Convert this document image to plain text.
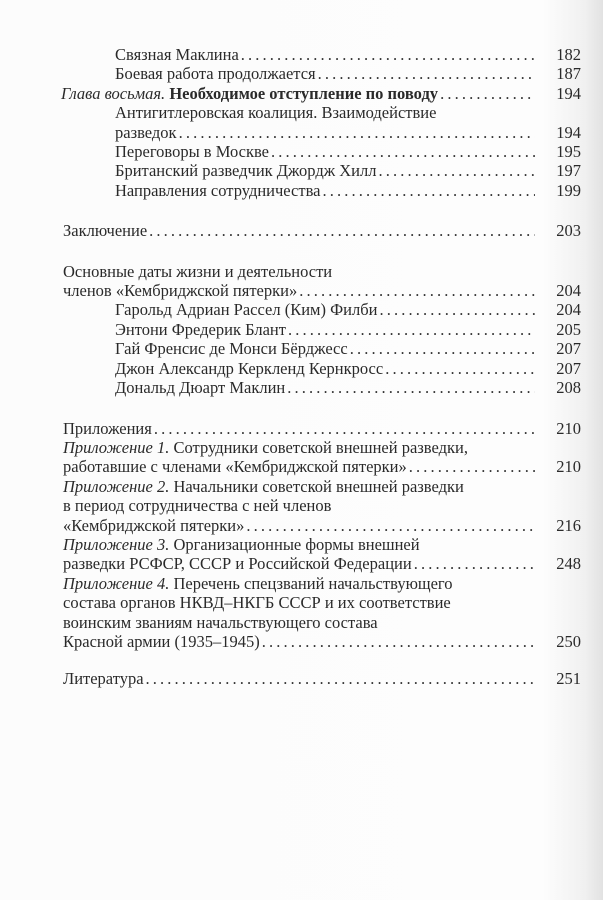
Связная Маклина . . .	182
Боевая работа продолжается . . .	187
Глава восьмая. Необходимое отступление по поводу . . .	194
Антигитлеровская коалиция. Взаимодействие
разведок . . .	194
Переговоры в Москве . . .	195
Британский разведчик Джордж Хилл . . .	197
Направления сотрудничества . . .	199
Заключение . . .	203
Основные даты жизни и деятельности
членов «Кембриджской пятерки» . . .	204
Гарольд Адриан Рассел (Ким) Филби . . .	204
Энтони Фредерик Блант . . .	205
Гай Френсис де Монси Бёрджесс . . .	207
Джон Александр Керкленд Кернкросс . . .	207
Дональд Дюарт Маклин . . .	208
Приложения . . .	210
Приложение 1. Сотрудники советской внешней разведки,
работавшие с членами «Кембриджской пятерки» . . .	210
Приложение 2. Начальники советской внешней разведки
в период сотрудничества с ней членов
«Кембриджской пятерки» . . .	216
Приложение 3. Организационные формы внешней
разведки РСФСР, СССР и Российской Федерации . . .	248
Приложение 4. Перечень спецзваний начальствующего
состава органов НКВД–НКГБ СССР и их соответствие
воинским званиям начальствующего состава
Красной армии (1935–1945) . . .	250
Литература . . .	251
